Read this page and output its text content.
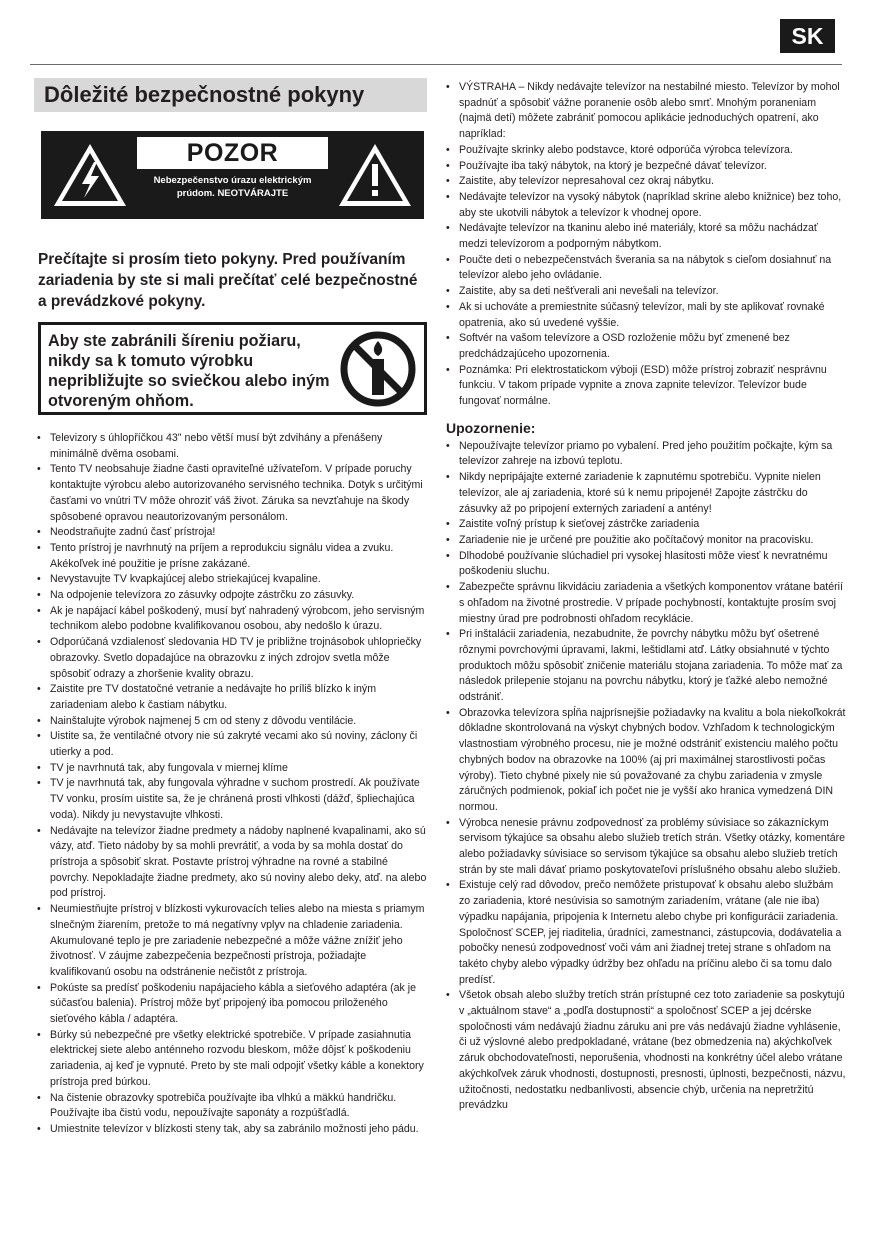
SK
Dôležité bezpečnostné pokyny
POZOR
Nebezpečenstvo úrazu elektrickým prúdom. NEOTVÁRAJTE
Prečítajte si prosím tieto pokyny. Pred používaním zariadenia by ste si mali prečítať celé bezpečnostné a prevádzkové pokyny.
Aby ste zabránili šíreniu požiaru, nikdy sa k tomuto výrobku nepribližujte so sviečkou alebo iným otvoreným ohňom.
• Televizory s úhlopříčkou 43" nebo větší musí být zdvihány a přenášeny minimálně dvěma osobami.
• Tento TV neobsahuje žiadne časti opraviteľné užívateľom. V prípade poruchy kontaktujte výrobcu alebo autorizovaného servisného technika. Dotyk s určitými časťami vo vnútri TV môže ohroziť váš život. Záruka sa nevzťahuje na škody spôsobené opravou neautorizovaným personálom.
• Neodstraňujte zadnú časť prístroja!
• Tento prístroj je navrhnutý na príjem a reprodukciu signálu videa a zvuku. Akékoľvek iné použitie je prísne zakázané.
• Nevystavujte TV kvapkajúcej alebo striekajúcej kvapaline.
• Na odpojenie televízora zo zásuvky odpojte zástrčku zo zásuvky.
• Ak je napájací kábel poškodený, musí byť nahradený výrobcom, jeho servisným technikom alebo podobne kvalifikovanou osobou, aby nedošlo k úrazu.
• Odporúčaná vzdialenosť sledovania HD TV je približne trojnásobok uhlopriečky obrazovky. Svetlo dopadajúce na obrazovku z iných zdrojov svetla môže spôsobiť odrazy a zhoršenie kvality obrazu.
• Zaistite pre TV dostatočné vetranie a nedávajte ho príliš blízko k iným zariadeniam alebo k častiam nábytku.
• Nainštalujte výrobok najmenej 5 cm od steny z dôvodu ventilácie.
• Uistite sa, že ventilačné otvory nie sú zakryté vecami ako sú noviny, záclony či utierky a pod.
• TV je navrhnutá tak, aby fungovala v miernej klíme
• TV je navrhnutá tak, aby fungovala výhradne v suchom prostredí. Ak používate TV vonku, prosím uistite sa, že je chránená prosti vlhkosti (dážď, špliechajúca voda). Nikdy ju nevystavujte vlhkosti.
• Nedávajte na televízor žiadne predmety a nádoby naplnené kvapalinami, ako sú vázy, atď. Tieto nádoby by sa mohli prevrátiť, a voda by sa mohla dostať do prístroja a spôsobiť skrat. Postavte prístroj výhradne na rovné a stabilné povrchy. Nepokladajte žiadne predmety, ako sú noviny alebo deky, atď. na alebo pod prístroj.
• Neumiestňujte prístroj v blízkosti vykurovacích telies alebo na miesta s priamym slnečným žiarením, pretože to má negatívny vplyv na chladenie zariadenia. Akumulované teplo je pre zariadenie nebezpečné a môže vážne znížiť jeho životnosť. V záujme zabezpečenia bezpečnosti prístroja, požiadajte kvalifikovanú osobu na odstránenie nečistôt z prístroja.
• Pokúste sa predísť poškodeniu napájacieho kábla a sieťového adaptéra (ak je súčasťou balenia). Prístroj môže byť pripojený iba pomocou priloženého sieťového kábla / adaptéra.
• Búrky sú nebezpečné pre všetky elektrické spotrebiče. V prípade zasiahnutia elektrickej siete alebo anténneho rozvodu bleskom, môže dôjsť k poškodeniu zariadenia, aj keď je vypnuté. Preto by ste mali odpojiť všetky káble a konektory prístroja pred búrkou.
• Na čistenie obrazovky spotrebiča používajte iba vlhkú a mäkkú handričku. Používajte iba čistú vodu, nepoužívajte saponáty a rozpúšťadlá.
• Umiestnite televízor v blízkosti steny tak, aby sa zabránilo možnosti jeho pádu.
• VÝSTRAHA – Nikdy nedávajte televízor na nestabilné miesto. Televízor by mohol spadnúť a spôsobiť vážne poranenie osôb alebo smrť. Mnohým poraneniam (najmä detí) môžete zabrániť pomocou aplikácie jednoduchých opatrení, ako napríklad:
• Používajte skrinky alebo podstavce, ktoré odporúča výrobca televízora.
• Používajte iba taký nábytok, na ktorý je bezpečné dávať televízor.
• Zaistite, aby televízor nepresahoval cez okraj nábytku.
• Nedávajte televízor na vysoký nábytok (napríklad skrine alebo knižnice) bez toho, aby ste ukotvili nábytok a televízor k vhodnej opore.
• Nedávajte televízor na tkaninu alebo iné materiály, ktoré sa môžu nachádzať medzi televízorom a podporným nábytkom.
• Poučte deti o nebezpečenstvách šverania sa na nábytok s cieľom dosiahnuť na televízor alebo jeho ovládanie.
• Zaistite, aby sa deti nešťverali ani nevešali na televízor.
• Ak si uchováte a premiestnite súčasný televízor, mali by ste aplikovať rovnaké opatrenia, ako sú uvedené vyššie.
• Softvér na vašom televízore a OSD rozloženie môžu byť zmenené bez predchádzajúceho upozornenia.
• Poznámka: Pri elektrostatickom výboji (ESD) môže prístroj zobraziť nesprávnu funkciu. V takom prípade vypnite a znova zapnite televízor. Televízor bude fungovať normálne.
Upozornenie:
• Nepoužívajte televízor priamo po vybalení. Pred jeho použitím počkajte, kým sa televízor zahreje na izbovú teplotu.
• Nikdy nepripájajte externé zariadenie k zapnutému spotrebiču. Vypnite nielen televízor, ale aj zariadenia, ktoré sú k nemu pripojené! Zapojte zástrčku do zásuvky až po pripojení externých zariadení a antény!
• Zaistite voľný prístup k sieťovej zástrčke zariadenia
• Zariadenie nie je určené pre použitie ako počítačový monitor na pracovisku.
• Dlhodobé používanie slúchadiel pri vysokej hlasitosti môže viesť k nevratnému poškodeniu sluchu.
• Zabezpečte správnu likvidáciu zariadenia a všetkých komponentov vrátane batérií s ohľadom na životné prostredie. V prípade pochybností, kontaktujte prosím svoj miestny úrad pre podrobnosti ohľadom recyklácie.
• Pri inštalácii zariadenia, nezabudnite, že povrchy nábytku môžu byť ošetrené rôznymi povrchovými úpravami, lakmi, leštidlami atď. Látky obsiahnuté v týchto produktoch môžu spôsobiť zničenie materiálu stojana zariadenia. To môže mať za následok prilepenie stojanu na povrchu nábytku, ktorý je ťažké alebo nemožné odstrániť.
• Obrazovka televízora spĺňa najprísnejšie požiadavky na kvalitu a bola niekoľkokrát dôkladne skontrolovaná na výskyt chybných bodov. Vzhľadom k technologickým vlastnostiam výrobného procesu, nie je možné odstrániť existenciu malého počtu chybných bodov na obrazovke na 100% (aj pri maximálnej starostlivosti počas výroby). Tieto chybné pixely nie sú považované za chybu zariadenia v zmysle záručných podmienok, pokiaľ ich počet nie je vyšší ako hranica vymedzená DIN normou.
• Výrobca nenesie právnu zodpovednosť za problémy súvisiace so zákazníckym servisom týkajúce sa obsahu alebo služieb tretích strán. Všetky otázky, komentáre alebo požiadavky súvisiace so servisom týkajúce sa obsahu alebo služieb tretích strán by ste mali dávať priamo poskytovateľovi príslušného obsahu alebo služieb.
• Existuje celý rad dôvodov, prečo nemôžete pristupovať k obsahu alebo službám zo zariadenia, ktoré nesúvisia so samotným zariadením, vrátane (ale nie iba) výpadku napájania, pripojenia k Internetu alebo chybe pri konfigurácii zariadenia. Spoločnosť SCEP, jej riaditelia, úradníci, zamestnanci, zástupcovia, dodávatelia a pobočky nenesú zodpovednosť voči vám ani žiadnej tretej strane s ohľadom na takéto chyby alebo výpadky údržby bez ohľadu na príčinu alebo či sa tomu dalo predísť.
• Všetok obsah alebo služby tretích strán prístupné cez toto zariadenie sa poskytujú v „aktuálnom stave“ a „podľa dostupnosti“ a spoločnosť SCEP a jej dcérske spoločnosti vám nedávajú žiadnu záruku ani pre vás nedávajú žiadne vyhlásenie, či už výslovné alebo predpokladané, vrátane (bez obmedzenia na) akýchkoľvek záruk obchodovateľnosti, neporušenia, vhodnosti na konkrétny účel alebo vrátane akýchkoľvek záruk vhodnosti, dostupnosti, presnosti, úplnosti, bezpečnosti, názvu, užitočnosti, nedostatku nedbanlivosti, absencie chýb, určenia na nepretržitú prevádzku
